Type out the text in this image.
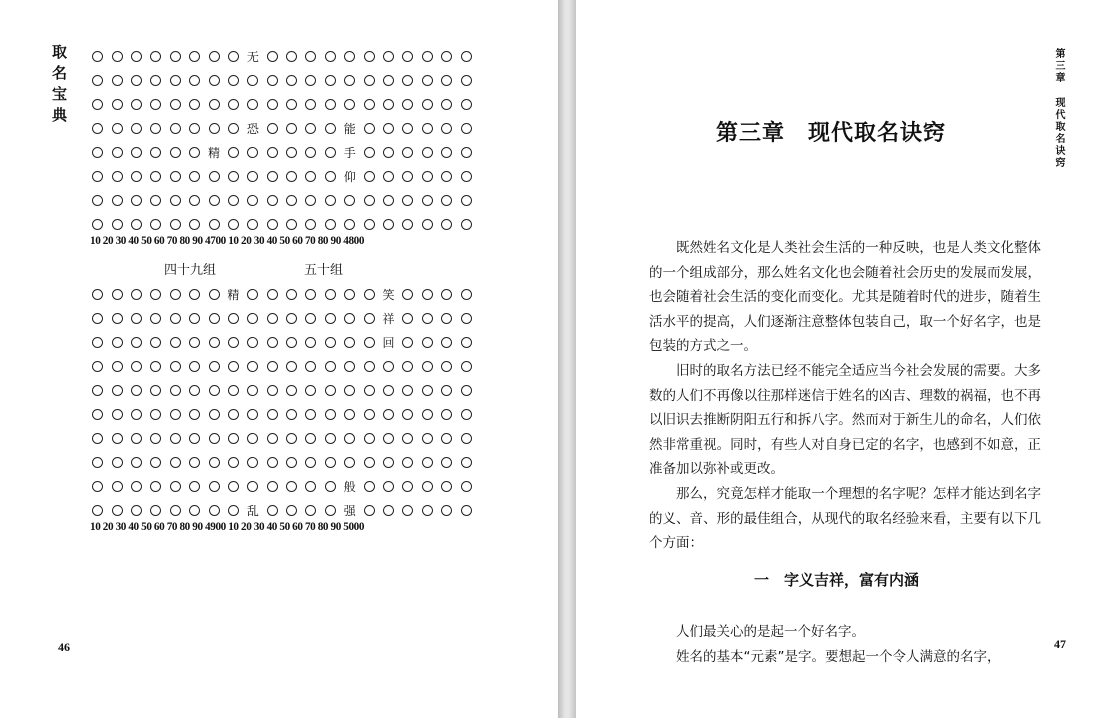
取名宝典	无
恐	能
精	手
仰
10 20 30 40 50 60 70 80 90 4700 10 20 30 40 50 60 70 80 90 4800
四十九组	五十组
精	笑
祥
回
般
乱	强
10 20 30 40 50 60 70 80 90 4900 10 20 30 40 50 60 70 80 90 5000
46
第三章 现代取名诀窍
第三章　现代取名诀窍

既然姓名文化是人类社会生活的一种反映，也是人类文化整体的一个组成部分，那么姓名文化也会随着社会历史的发展而发展，也会随着社会生活的变化而变化。尤其是随着时代的进步，随着生活水平的提高，人们逐渐注意整体包装自己，取一个好名字，也是包装的方式之一。

旧时的取名方法已经不能完全适应当今社会发展的需要。大多数的人们不再像以往那样迷信于姓名的凶吉、理数的祸福，也不再以旧识去推断阴阳五行和拆八字。然而对于新生儿的命名，人们依然非常重视。同时，有些人对自身已定的名字，也感到不如意，正准备加以弥补或更改。

那么，究竟怎样才能取一个理想的名字呢？怎样才能达到名字的义、音、形的最佳组合，从现代的取名经验来看，主要有以下几个方面：

一　字义吉祥，富有内涵

人们最关心的是起一个好名字。

姓名的基本“元素”是字。要想起一个令人满意的名字，

47
